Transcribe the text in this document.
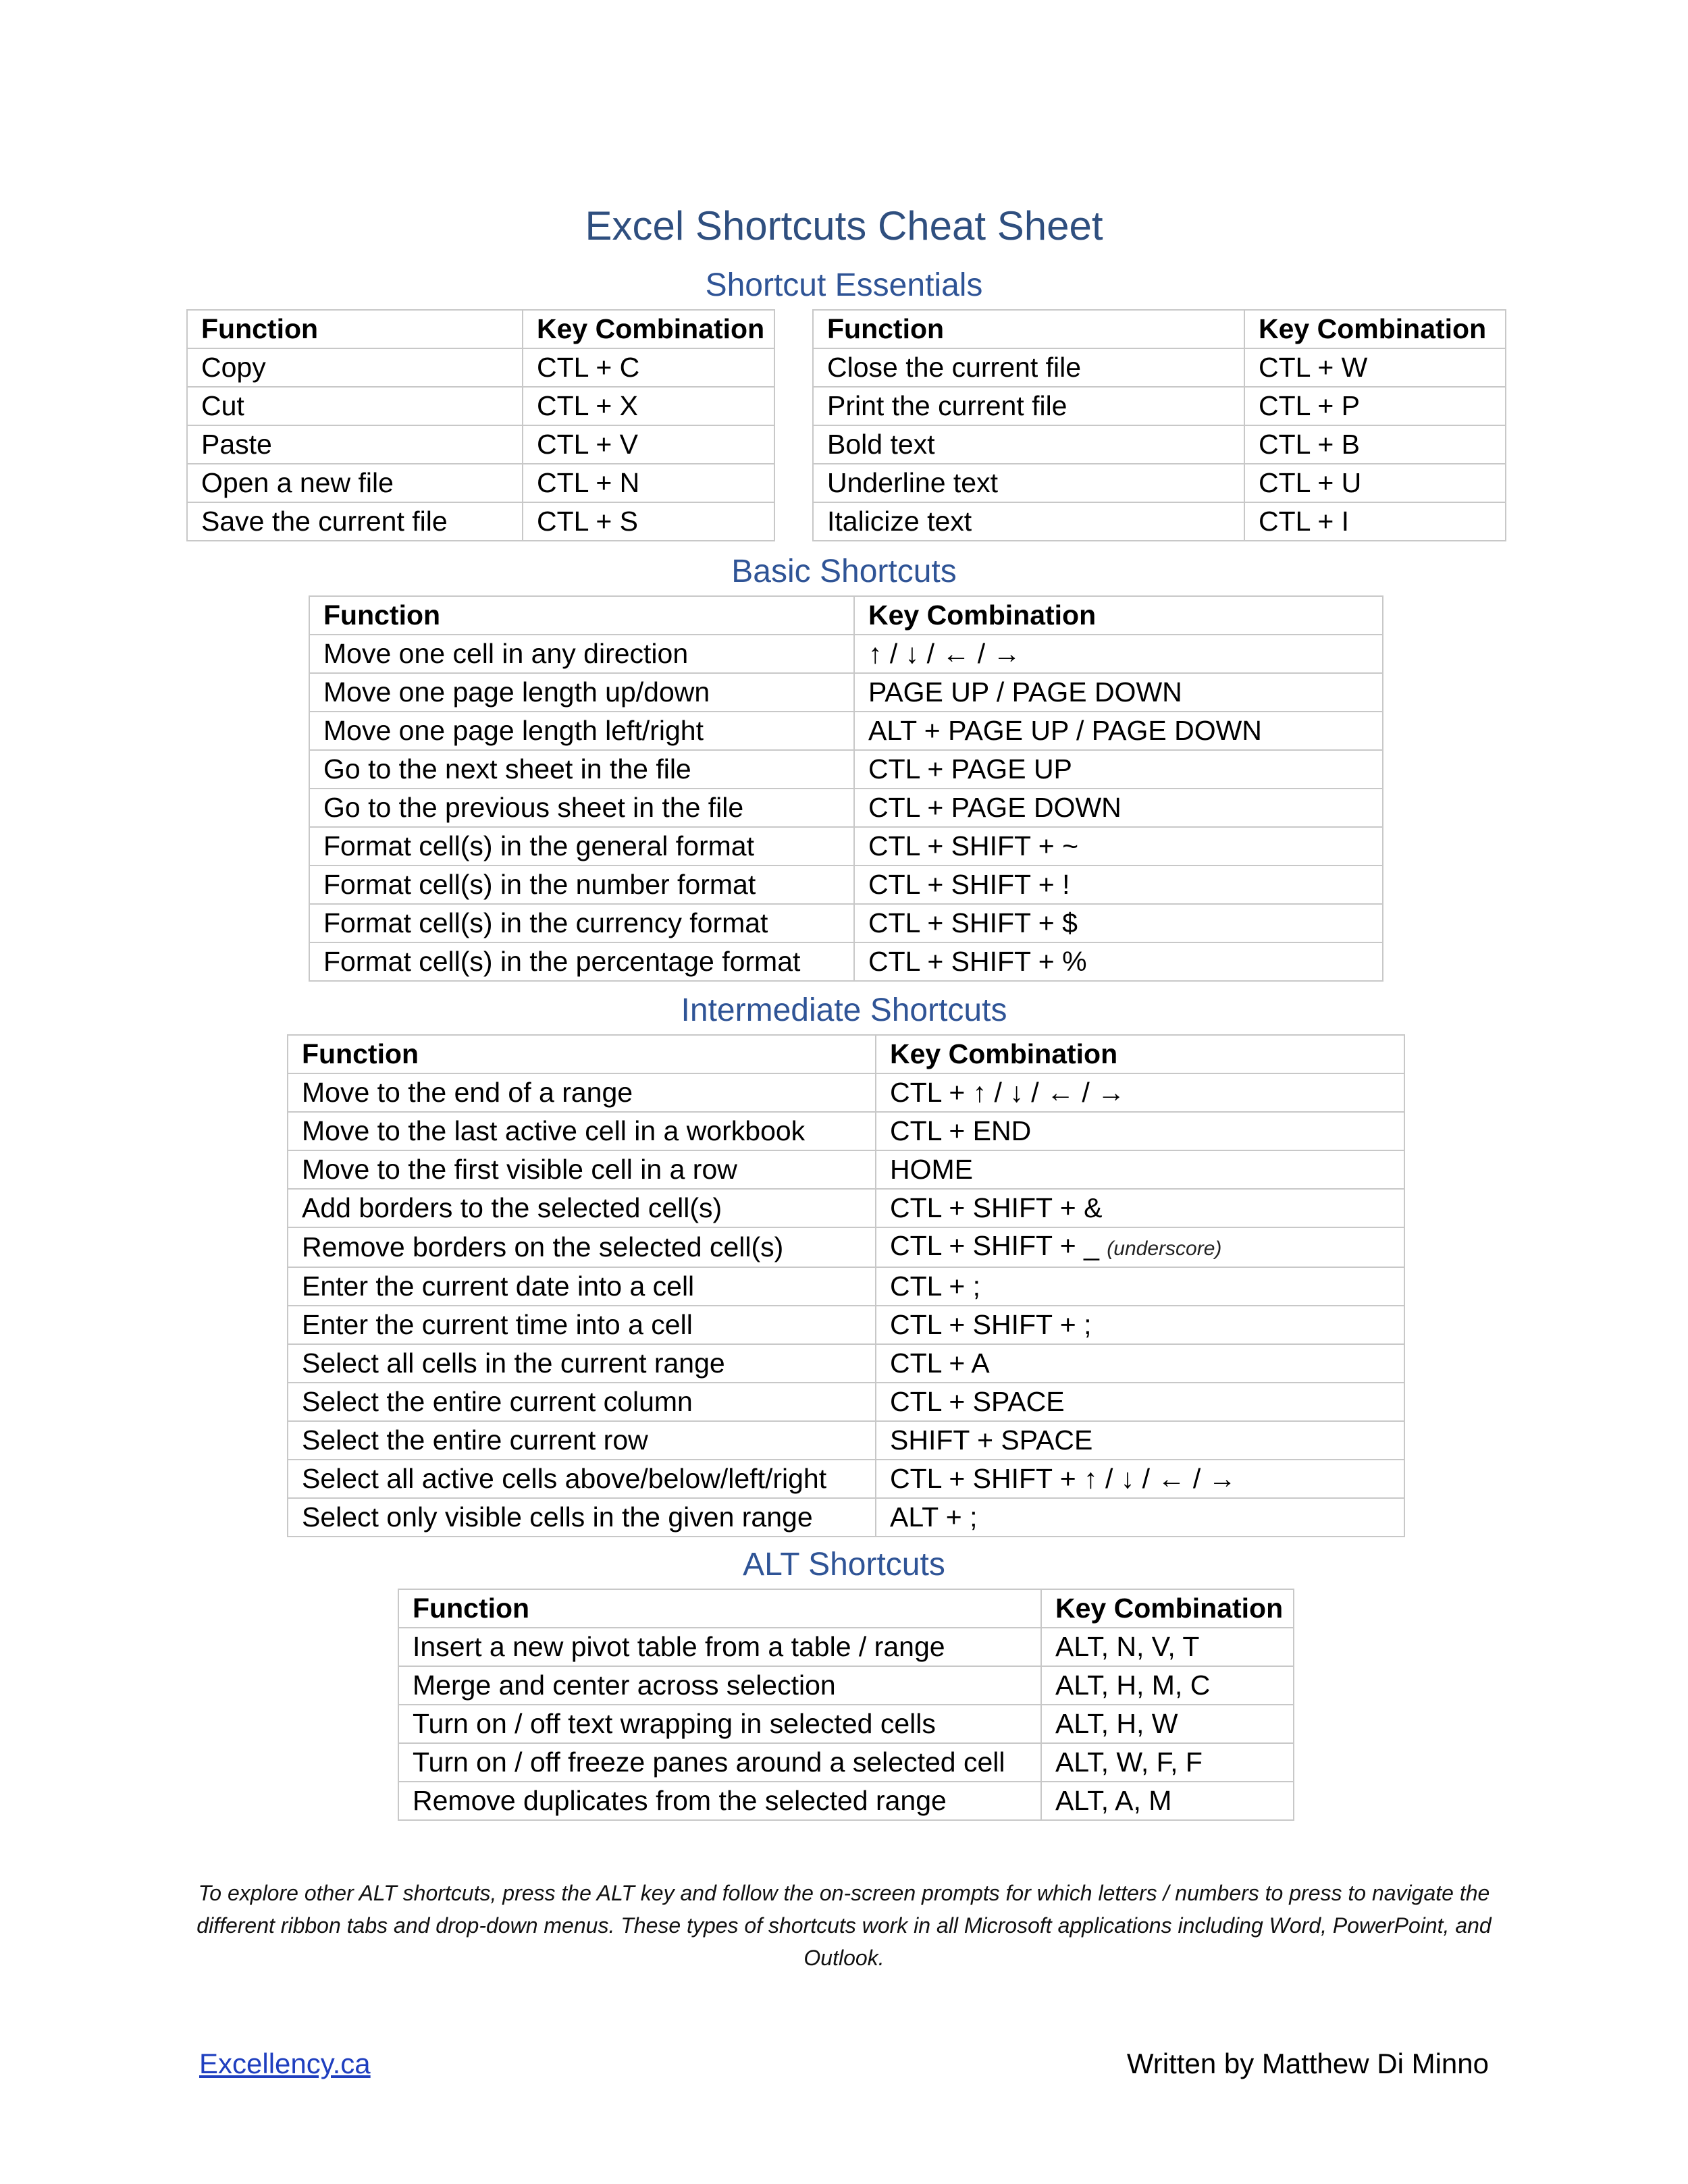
Excel Shortcuts Cheat Sheet
Shortcut Essentials
Function	Key Combination
Copy	CTL + C
Cut	CTL + X
Paste	CTL + V
Open a new file	CTL + N
Save the current file	CTL + S
Function	Key Combination
Close the current file	CTL + W
Print the current file	CTL + P
Bold text	CTL + B
Underline text	CTL + U
Italicize text	CTL + I
Basic Shortcuts
Function	Key Combination
Move one cell in any direction	↑ / ↓ / ← / →
Move one page length up/down	PAGE UP / PAGE DOWN
Move one page length left/right	ALT + PAGE UP / PAGE DOWN
Go to the next sheet in the file	CTL + PAGE UP
Go to the previous sheet in the file	CTL + PAGE DOWN
Format cell(s) in the general format	CTL + SHIFT + ~
Format cell(s) in the number format	CTL + SHIFT + !
Format cell(s) in the currency format	CTL + SHIFT + $
Format cell(s) in the percentage format	CTL + SHIFT + %
Intermediate Shortcuts
Function	Key Combination
Move to the end of a range	CTL + ↑ / ↓ / ← / →
Move to the last active cell in a workbook	CTL + END
Move to the first visible cell in a row	HOME
Add borders to the selected cell(s)	CTL + SHIFT + &
Remove borders on the selected cell(s)	CTL + SHIFT + _ (underscore)
Enter the current date into a cell	CTL + ;
Enter the current time into a cell	CTL + SHIFT + ;
Select all cells in the current range	CTL + A
Select the entire current column	CTL + SPACE
Select the entire current row	SHIFT + SPACE
Select all active cells above/below/left/right	CTL + SHIFT + ↑ / ↓ / ← / →
Select only visible cells in the given range	ALT + ;
ALT Shortcuts
Function	Key Combination
Insert a new pivot table from a table / range	ALT, N, V, T
Merge and center across selection	ALT, H, M, C
Turn on / off text wrapping in selected cells	ALT, H, W
Turn on / off freeze panes around a selected cell	ALT, W, F, F
Remove duplicates from the selected range	ALT, A, M
To explore other ALT shortcuts, press the ALT key and follow the on-screen prompts for which letters / numbers to press to navigate the different ribbon tabs and drop-down menus. These types of shortcuts work in all Microsoft applications including Word, PowerPoint, and Outlook.
Excellency.ca	Written by Matthew Di Minno
